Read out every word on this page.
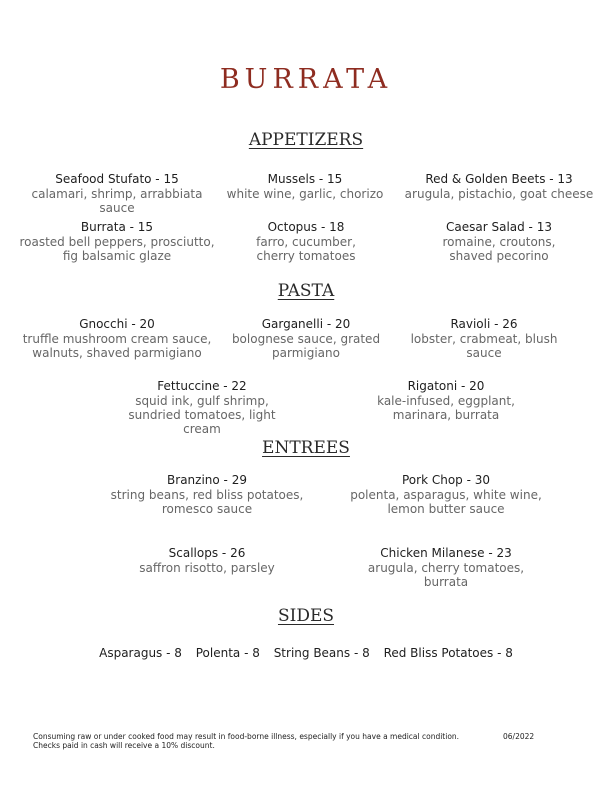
BURRATA
APPETIZERS
Seafood Stufato - 15
calamari, shrimp, arrabbiata sauce
Mussels - 15
white wine, garlic, chorizo
Red & Golden Beets - 13
arugula, pistachio, goat cheese
Burrata - 15
roasted bell peppers, prosciutto, fig balsamic glaze
Octopus - 18
farro, cucumber, cherry tomatoes
Caesar Salad - 13
romaine, croutons, shaved pecorino
PASTA
Gnocchi - 20
truffle mushroom cream sauce, walnuts, shaved parmigiano
Garganelli - 20
bolognese sauce, grated parmigiano
Ravioli - 26
lobster, crabmeat, blush sauce
Fettuccine - 22
squid ink, gulf shrimp, sundried tomatoes, light cream
Rigatoni - 20
kale-infused, eggplant, marinara, burrata
ENTREES
Branzino - 29
string beans, red bliss potatoes, romesco sauce
Pork Chop - 30
polenta, asparagus, white wine, lemon butter sauce
Scallops - 26
saffron risotto, parsley
Chicken Milanese - 23
arugula, cherry tomatoes, burrata
SIDES
Asparagus - 8 Polenta - 8 String Beans - 8 Red Bliss Potatoes - 8
Consuming raw or under cooked food may result in food-borne illness, especially if you have a medical condition.
Checks paid in cash will receive a 10% discount.
06/2022
